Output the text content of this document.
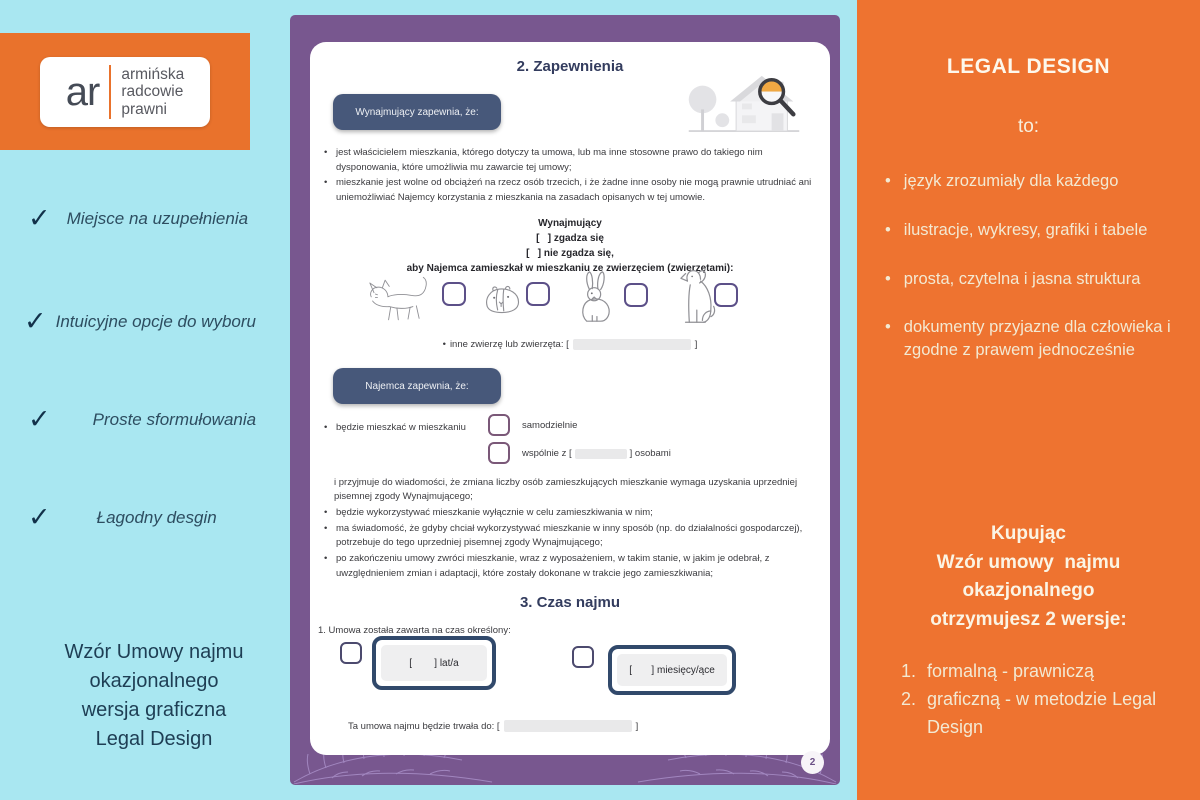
ar armińska
radcowie
prawni
✓ Miejsce na uzupełnienia
✓ Intuicyjne opcje do wyboru
✓ Proste sformułowania
✓	Łagodny desgin
Wzór Umowy najmu
okazjonalnego
wersja graficzna
Legal Design
2
2. Zapewnienia
Wynajmujący zapewnia, że:
• jest właścicielem mieszkania, którego dotyczy ta umowa, lub ma inne stosowne prawo do takiego nim dysponowania, które umożliwia mu zawarcie tej umowy;
• mieszkanie jest wolne od obciążeń na rzecz osób trzecich, i że żadne inne osoby nie mogą prawnie utrudniać ani uniemożliwiać Najemcy korzystania z mieszkania na zasadach opisanych w tej umowie.
Wynajmujący
[   ] zgadza się
[   ] nie zgadza się,
aby Najemca zamieszkał w mieszkaniu ze zwierzęciem (zwierzętami):
• inne zwierzę lub zwierzęta: [	]
Najemca zapewnia, że:
• będzie mieszkać w mieszkaniu	samodzielnie
wspólnie z [	] osobami
i przyjmuje do wiadomości, że zmiana liczby osób zamieszkujących mieszkanie wymaga uzyskania uprzedniej pisemnej zgody Wynajmującego;
• będzie wykorzystywać mieszkanie wyłącznie w celu zamieszkiwania w nim;
• ma świadomość, że gdyby chciał wykorzystywać mieszkanie w inny sposób (np. do działalności gospodarczej), potrzebuje do tego uprzedniej pisemnej zgody Wynajmującego;
• po zakończeniu umowy zwróci mieszkanie, wraz z wyposażeniem, w takim stanie, w jakim je odebrał, z uwzględnieniem zmian i adaptacji, które zostały dokonane w trakcie jego zamieszkiwania;
3. Czas najmu
1. Umowa została zawarta na czas określony:
[        ] lat/a
[       ] miesięcy/ące
Ta umowa najmu będzie trwała do: [	]
LEGAL DESIGN
to:
• język zrozumiały dla każdego
• ilustracje, wykresy, grafiki i tabele
• prosta, czytelna i jasna struktura
• dokumenty przyjazne dla człowieka i zgodne z prawem jednocześnie
Kupując
Wzór umowy  najmu
okazjonalnego
otrzymujesz 2 wersje:
1. formalną - prawniczą
2. graficzną - w metodzie Legal Design
